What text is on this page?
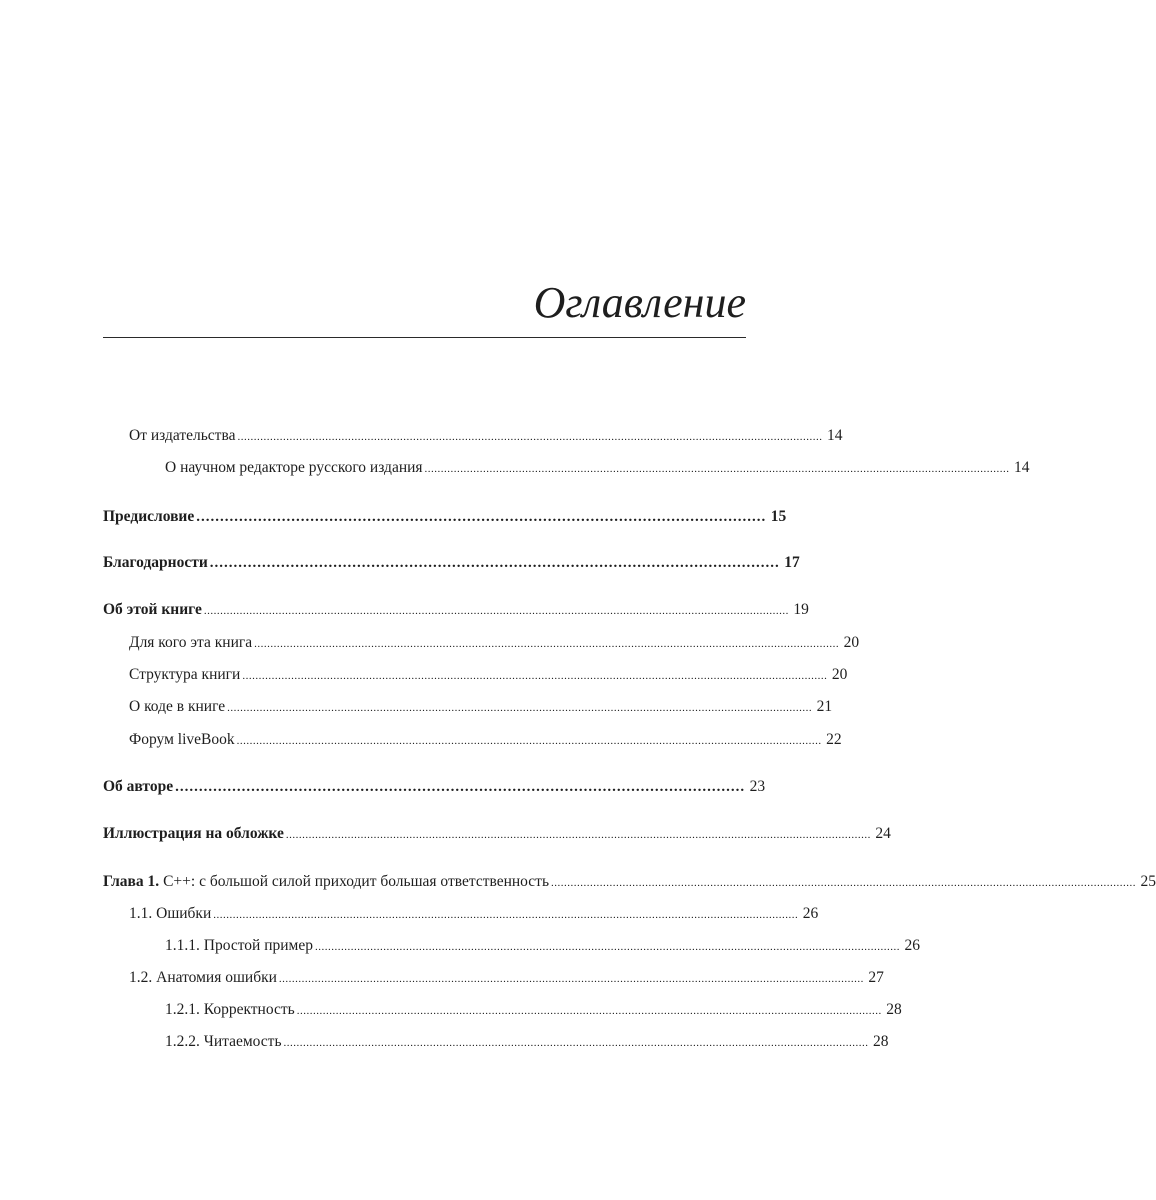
Оглавление
От издательства .................................................................................................................................................................................... 14
О научном редакторе русского издания .................................................................................................................................................................................... 14
Предисловие ........................................................................................................................ 15
Благодарности ........................................................................................................................ 17
Об этой книге .................................................................................................................................................................................... 19
Для кого эта книга .................................................................................................................................................................................... 20
Структура книги .................................................................................................................................................................................... 20
О коде в книге .................................................................................................................................................................................... 21
Форум liveBook .................................................................................................................................................................................... 22
Об авторе ........................................................................................................................ 23
Иллюстрация на обложке .................................................................................................................................................................................... 24
Глава 1. C++: с большой силой приходит большая ответственность .................................................................................................................................................................................... 25
1.1. Ошибки .................................................................................................................................................................................... 26
1.1.1. Простой пример .................................................................................................................................................................................... 26
1.2. Анатомия ошибки .................................................................................................................................................................................... 27
1.2.1. Корректность .................................................................................................................................................................................... 28
1.2.2. Читаемость .................................................................................................................................................................................... 28
